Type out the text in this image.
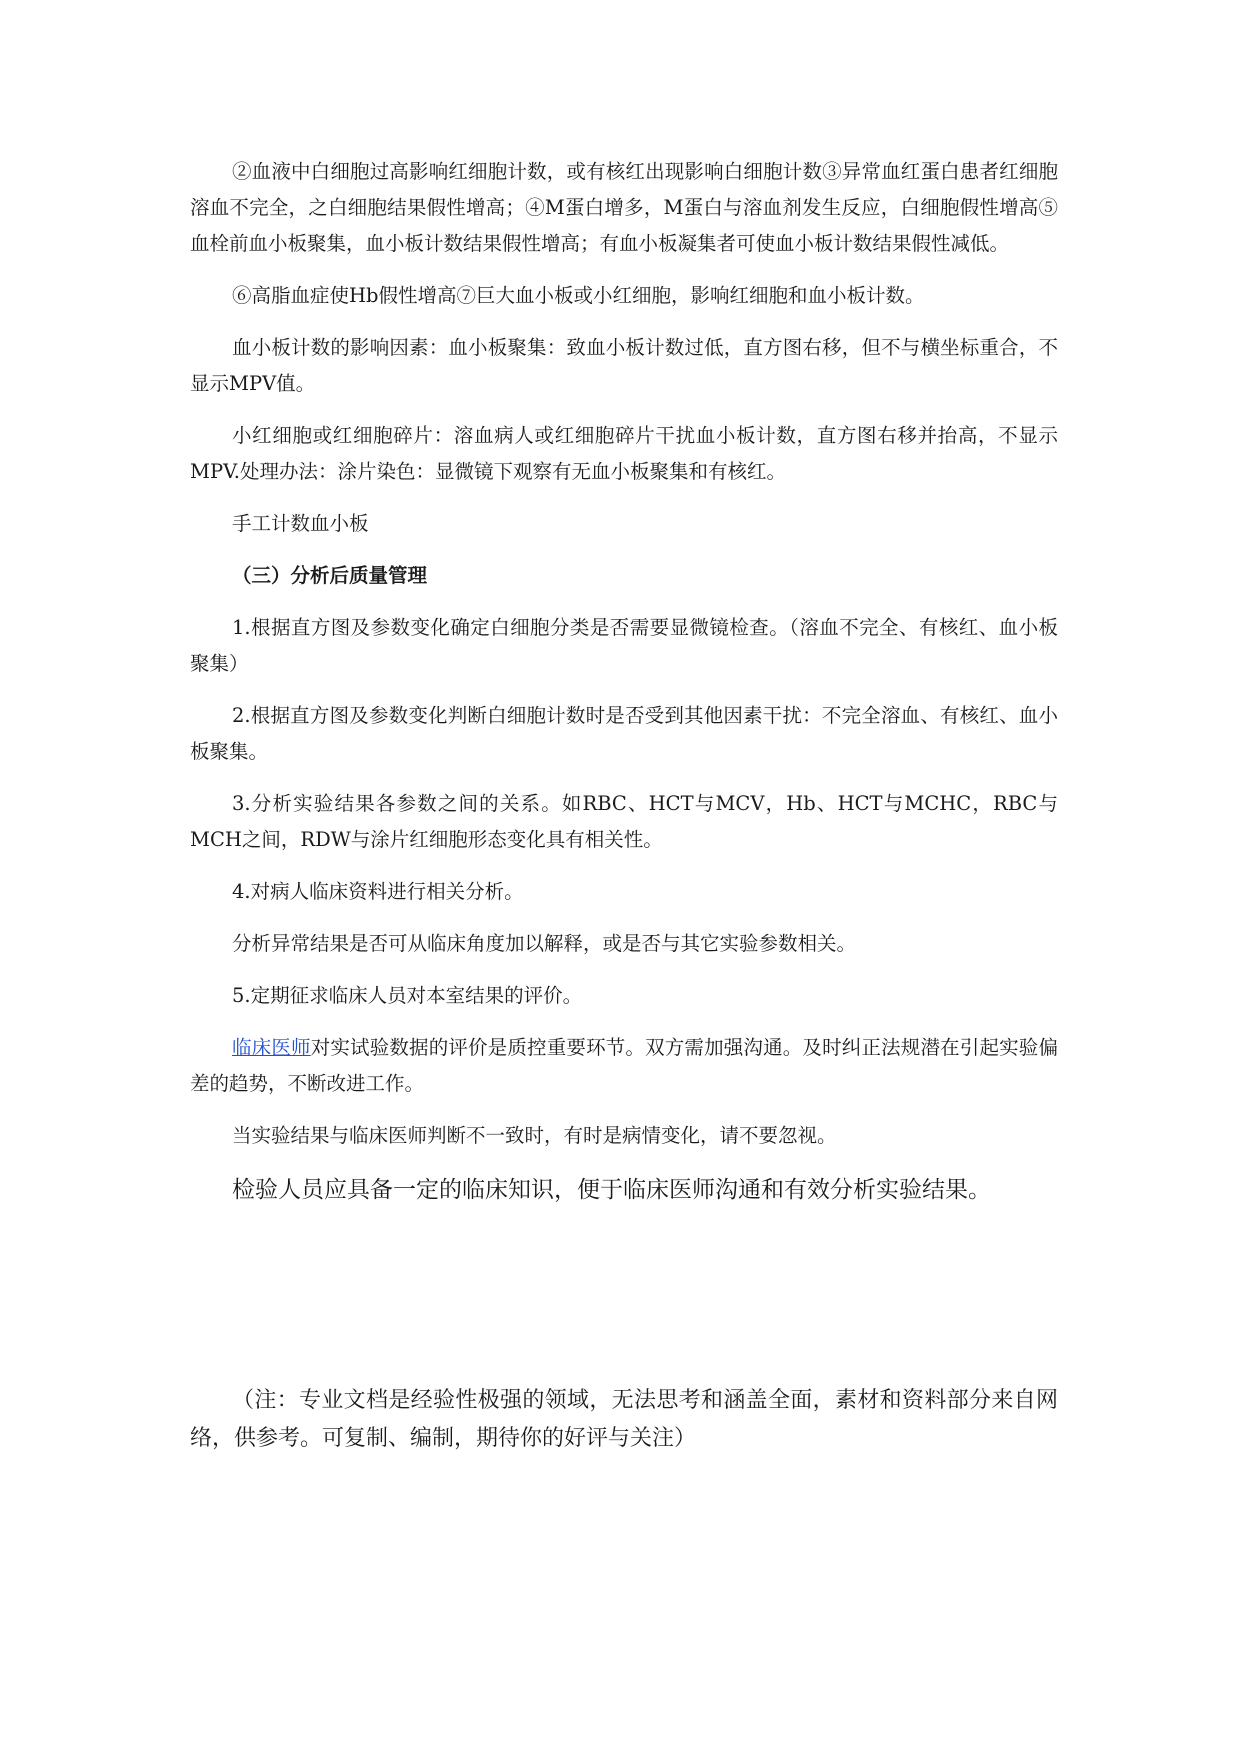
②血液中白细胞过高影响红细胞计数，或有核红出现影响白细胞计数③异常血红蛋白患者红细胞溶血不完全，之白细胞结果假性增高；④M蛋白增多，M蛋白与溶血剂发生反应，白细胞假性增高⑤血栓前血小板聚集，血小板计数结果假性增高；有血小板凝集者可使血小板计数结果假性减低。

⑥高脂血症使Hb假性增高⑦巨大血小板或小红细胞，影响红细胞和血小板计数。

血小板计数的影响因素：血小板聚集：致血小板计数过低，直方图右移，但不与横坐标重合，不显示MPV值。

小红细胞或红细胞碎片：溶血病人或红细胞碎片干扰血小板计数，直方图右移并抬高，不显示MPV.处理办法：涂片染色：显微镜下观察有无血小板聚集和有核红。

手工计数血小板

（三）分析后质量管理

1.根据直方图及参数变化确定白细胞分类是否需要显微镜检查。（溶血不完全、有核红、血小板聚集）

2.根据直方图及参数变化判断白细胞计数时是否受到其他因素干扰：不完全溶血、有核红、血小板聚集。

3.分析实验结果各参数之间的关系。如RBC、HCT与MCV，Hb、HCT与MCHC，RBC与MCH之间，RDW与涂片红细胞形态变化具有相关性。

4.对病人临床资料进行相关分析。

分析异常结果是否可从临床角度加以解释，或是否与其它实验参数相关。

5.定期征求临床人员对本室结果的评价。

临床医师对实试验数据的评价是质控重要环节。双方需加强沟通。及时纠正法规潜在引起实验偏差的趋势，不断改进工作。

当实验结果与临床医师判断不一致时，有时是病情变化，请不要忽视。

检验人员应具备一定的临床知识，便于临床医师沟通和有效分析实验结果。

（注：专业文档是经验性极强的领域，无法思考和涵盖全面，素材和资料部分来自网络，供参考。可复制、编制，期待你的好评与关注）
